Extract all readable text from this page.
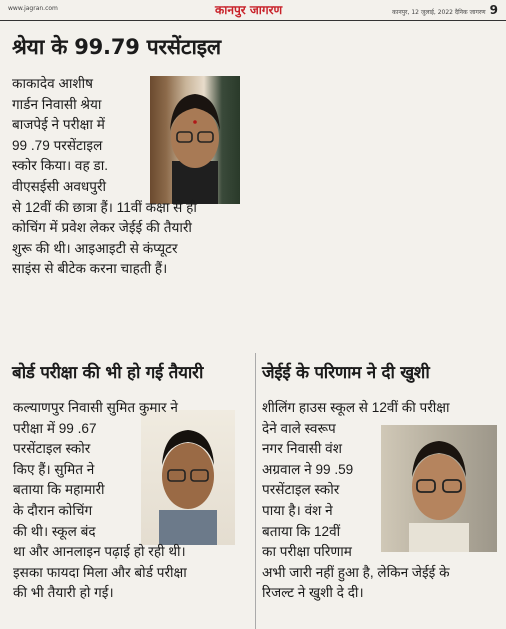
www.jagran.com	कानपुर जागरण	कानपुर, 12 जुलाई, 2022 दैनिक जागरण 9
श्रेया के 99.79 परसेंटाइल
काकादेव आशीष
गार्डन निवासी श्रेया
बाजपेई ने परीक्षा में
99 .79 परसेंटाइल
स्कोर किया। वह डा.
वीएसईसी अवधपुरी
से 12वीं की छात्रा हैं। 11वीं कक्षा से ही
कोचिंग में प्रवेश लेकर जेईई की तैयारी
शुरू की थी। आइआइटी से कंप्यूटर
साइंस से बीटेक करना चाहती हैं।
बोर्ड परीक्षा की भी हो गई तैयारी
कल्याणपुर निवासी सुमित कुमार ने
परीक्षा में 99 .67
परसेंटाइल स्कोर
किए हैं। सुमित ने
बताया कि महामारी
के दौरान कोचिंग
की थी। स्कूल बंद
था और आनलाइन पढ़ाई हो रही थी।
इसका फायदा मिला और बोर्ड परीक्षा
की भी तैयारी हो गई।
जेईई के परिणाम ने दी खुशी
शीलिंग हाउस स्कूल से 12वीं की परीक्षा
देने वाले स्वरूप
नगर निवासी वंश
अग्रवाल ने 99 .59
परसेंटाइल स्कोर
पाया है। वंश ने
बताया कि 12वीं
का परीक्षा परिणाम
अभी जारी नहीं हुआ है, लेकिन जेईई के
रिजल्ट ने खुशी दे दी।
